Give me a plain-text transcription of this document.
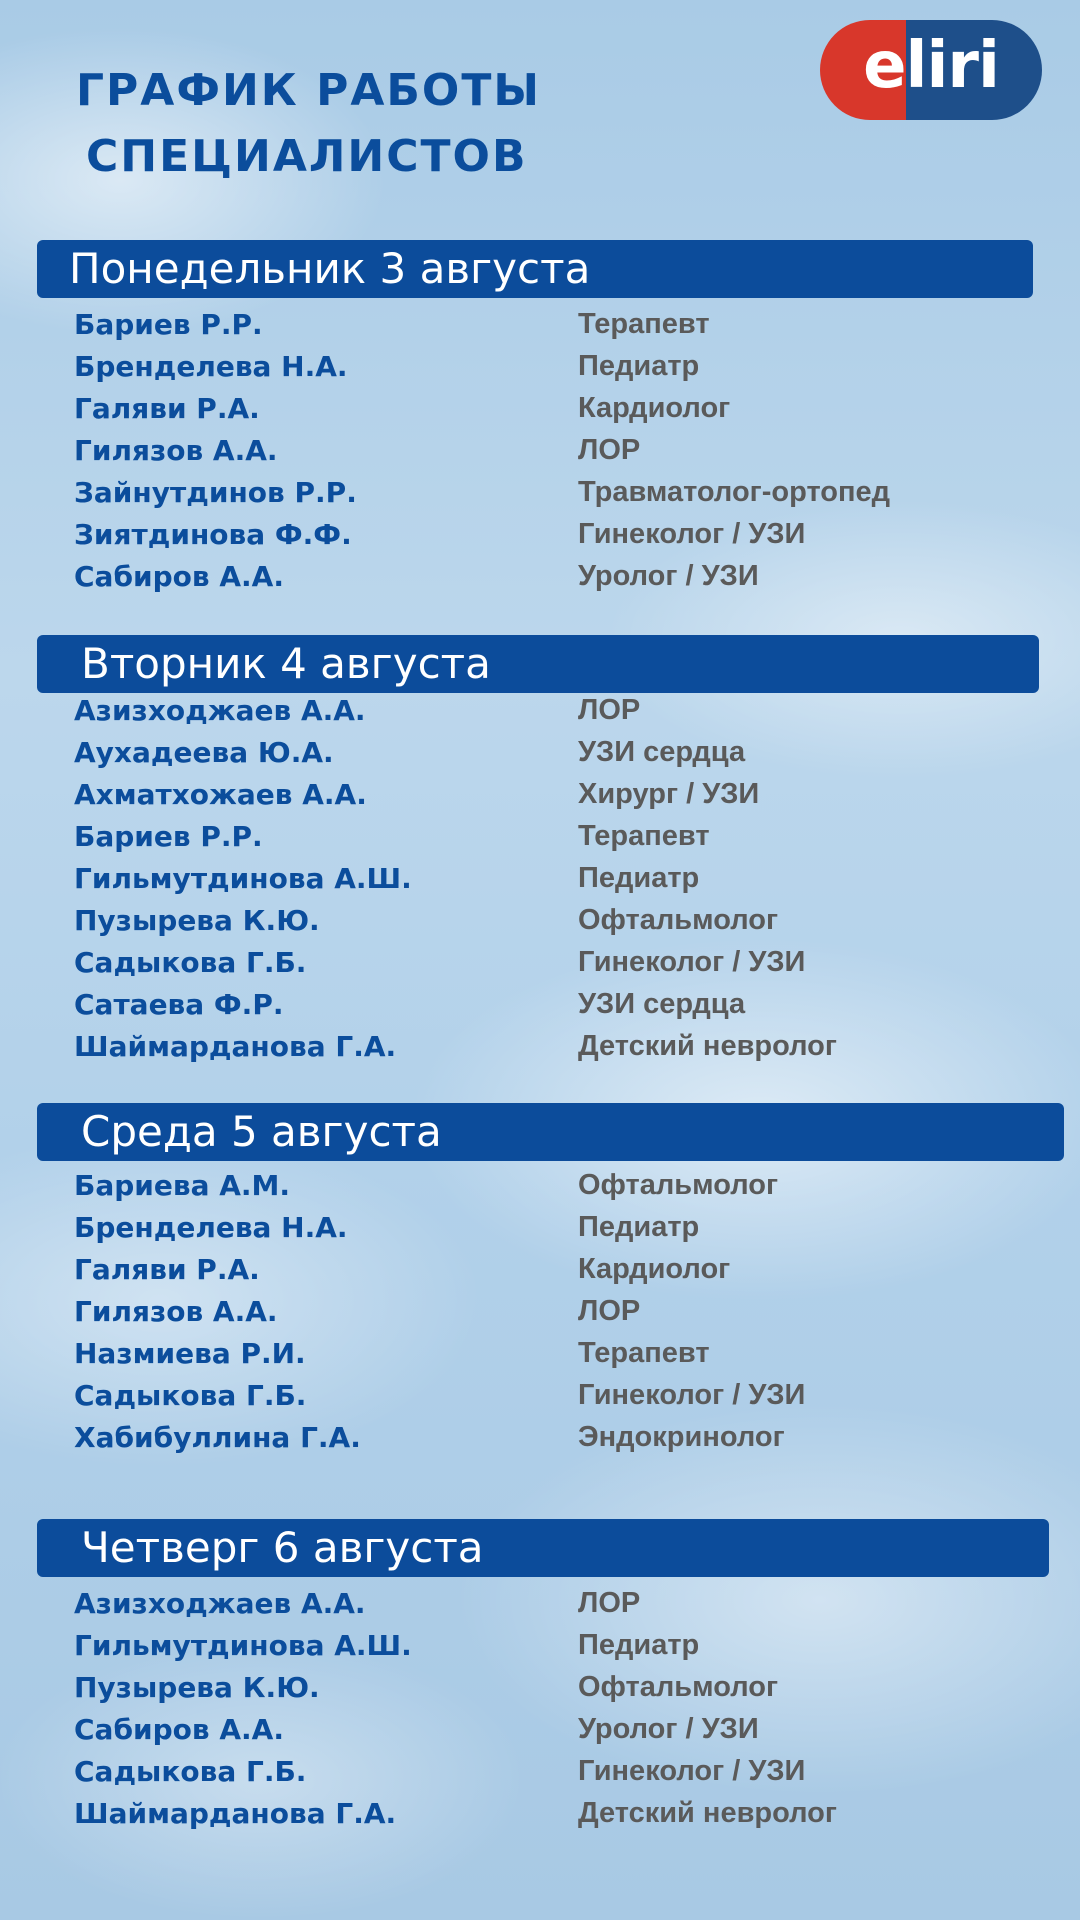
ГРАФИК РАБОТЫ
СПЕЦИАЛИСТОВ
eliri
Понедельник 3 августа
Бариев Р.Р.	Терапевт
Бренделева Н.А.	Педиатр
Галяви Р.А.	Кардиолог
Гилязов А.А.	ЛОР
Зайнутдинов Р.Р.	Травматолог-ортопед
Зиятдинова Ф.Ф.	Гинеколог / УЗИ
Сабиров А.А.	Уролог / УЗИ
Вторник 4 августа
Азизходжаев А.А.	ЛОР
Аухадеева Ю.А.	УЗИ сердца
Ахматхожаев А.А.	Хирург / УЗИ
Бариев Р.Р.	Терапевт
Гильмутдинова А.Ш.	Педиатр
Пузырева К.Ю.	Офтальмолог
Садыкова Г.Б.	Гинеколог / УЗИ
Сатаева Ф.Р.	УЗИ сердца
Шаймарданова Г.А.	Детский невролог
Среда 5 августа
Бариева А.М.	Офтальмолог
Бренделева Н.А.	Педиатр
Галяви Р.А.	Кардиолог
Гилязов А.А.	ЛОР
Назмиева Р.И.	Терапевт
Садыкова Г.Б.	Гинеколог / УЗИ
Хабибуллина Г.А.	Эндокринолог
Четверг 6 августа
Азизходжаев А.А.	ЛОР
Гильмутдинова А.Ш.	Педиатр
Пузырева К.Ю.	Офтальмолог
Сабиров А.А.	Уролог / УЗИ
Садыкова Г.Б.	Гинеколог / УЗИ
Шаймарданова Г.А.	Детский невролог
